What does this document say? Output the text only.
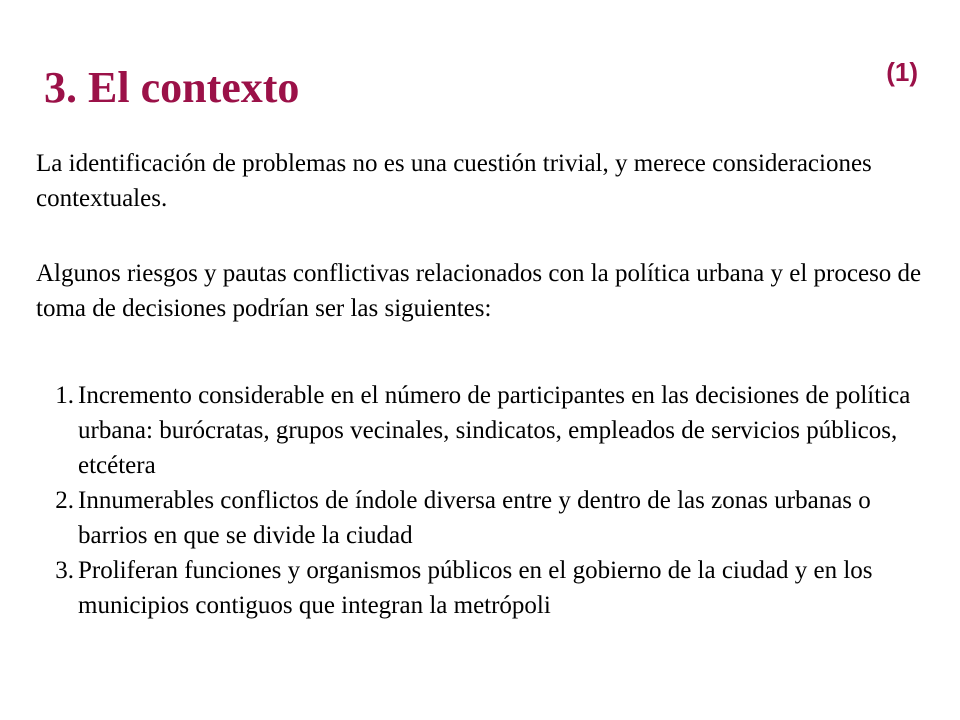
(1)
3. El contexto

La identificación de problemas no es una cuestión trivial, y merece consideraciones contextuales.

Algunos riesgos y pautas conflictivas relacionados con la política urbana y el proceso de toma de decisiones podrían ser las siguientes:

1. Incremento considerable en el número de participantes en las decisiones de política urbana: burócratas, grupos vecinales, sindicatos, empleados de servicios públicos, etcétera
2. Innumerables conflictos de índole diversa entre y dentro de las zonas urbanas o barrios en que se divide la ciudad
3. Proliferan funciones y organismos públicos en el gobierno de la ciudad y en los municipios contiguos que integran la metrópoli
